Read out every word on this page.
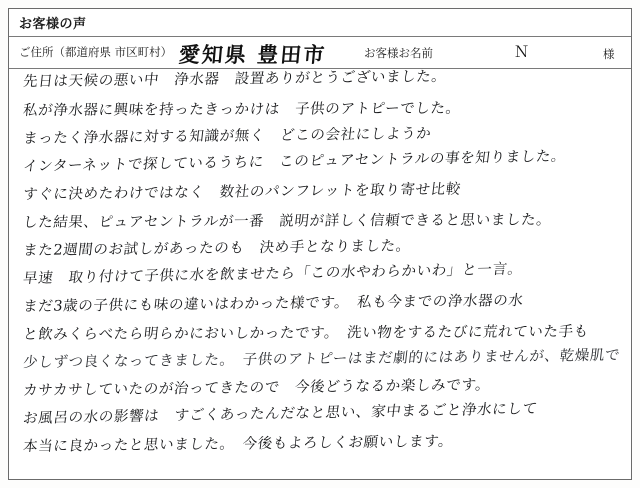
お客様の声
ご住所（都道府県 市区町村） 愛知県 豊田市	お客様お名前	Ｎ	様
先日は天候の悪い中　浄水器　設置ありがとうございました。
私が浄水器に興味を持ったきっかけは　子供のアトピーでした。
まったく浄水器に対する知識が無く　どこの会社にしようか
インターネットで探しているうちに　このピュアセントラルの事を知りました。
すぐに決めたわけではなく　数社のパンフレットを取り寄せ比較
した結果、ピュアセントラルが一番　説明が詳しく信頼できると思いました。
また2週間のお試しがあったのも　決め手となりました。
早速　取り付けて子供に水を飲ませたら「この水やわらかいわ」と一言。
まだ3歳の子供にも味の違いはわかった様です。　私も今までの浄水器の水
と飲みくらべたら明らかにおいしかったです。　洗い物をするたびに荒れていた手も
少しずつ良くなってきました。　子供のアトピーはまだ劇的にはありませんが、乾燥肌で
カサカサしていたのが治ってきたので　今後どうなるか楽しみです。
お風呂の水の影響は　すごくあったんだなと思い、家中まるごと浄水にして
本当に良かったと思いました。　今後もよろしくお願いします。
